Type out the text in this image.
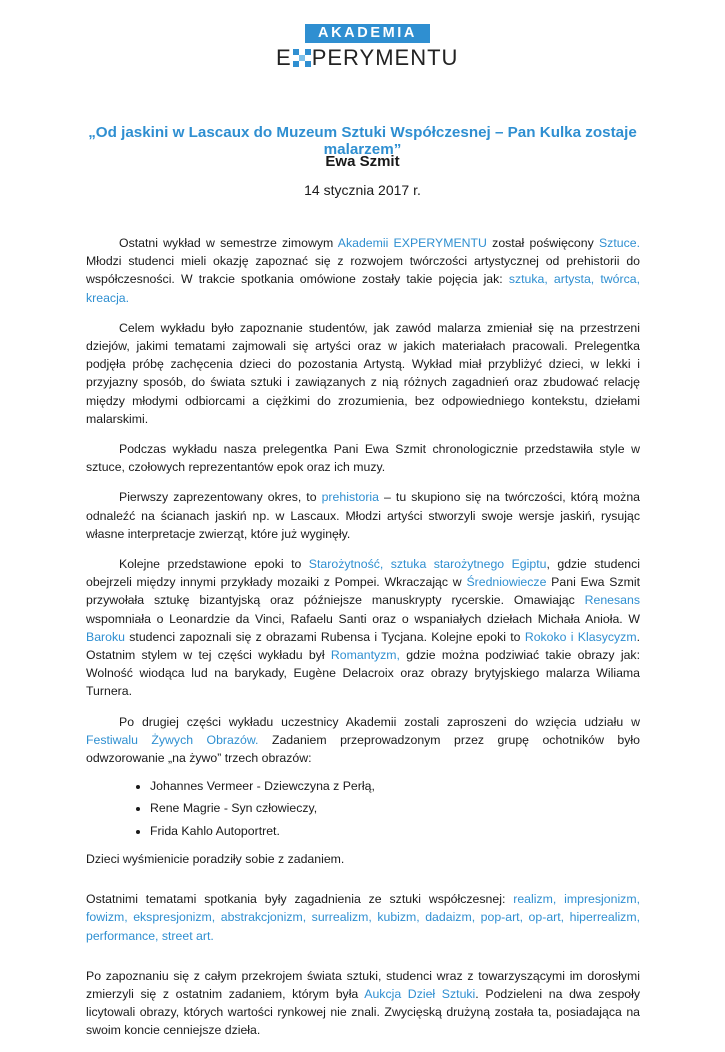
AKADEMIA
E PERYMENTU
„Od jaskini w Lascaux do Muzeum Sztuki Współczesnej – Pan Kulka zostaje malarzem”
Ewa Szmit
14 stycznia 2017 r.

Ostatni wykład w semestrze zimowym Akademii EXPERYMENTU został poświęcony Sztuce. Młodzi studenci mieli okazję zapoznać się z rozwojem twórczości artystycznej od prehistorii do współczesności. W trakcie spotkania omówione zostały takie pojęcia jak: sztuka, artysta, twórca, kreacja.

Celem wykładu było zapoznanie studentów, jak zawód malarza zmieniał się na przestrzeni dziejów, jakimi tematami zajmowali się artyści oraz w jakich materiałach pracowali. Prelegentka podjęła próbę zachęcenia dzieci do pozostania Artystą. Wykład miał przybliżyć dzieci, w lekki i przyjazny sposób, do świata sztuki i zawiązanych z nią różnych zagadnień oraz zbudować relację między młodymi odbiorcami a ciężkimi do zrozumienia, bez odpowiedniego kontekstu, dziełami malarskimi.

Podczas wykładu nasza prelegentka Pani Ewa Szmit chronologicznie przedstawiła style w sztuce, czołowych reprezentantów epok oraz ich muzy.

Pierwszy zaprezentowany okres, to prehistoria – tu skupiono się na twórczości, którą można odnaleźć na ścianach jaskiń np. w Lascaux. Młodzi artyści stworzyli swoje wersje jaskiń, rysując własne interpretacje zwierząt, które już wyginęły.

Kolejne przedstawione epoki to Starożytność, sztuka starożytnego Egiptu, gdzie studenci obejrzeli między innymi przykłady mozaiki z Pompei. Wkraczając w Średniowiecze Pani Ewa Szmit przywołała sztukę bizantyjską oraz późniejsze manuskrypty rycerskie. Omawiając Renesans wspomniała o Leonardzie da Vinci, Rafaelu Santi oraz o wspaniałych dziełach Michała Anioła. W Baroku studenci zapoznali się z obrazami Rubensa i Tycjana. Kolejne epoki to Rokoko i Klasycyzm. Ostatnim stylem w tej części wykładu był Romantyzm, gdzie można podziwiać takie obrazy jak: Wolność wiodąca lud na barykady, Eugène Delacroix oraz obrazy brytyjskiego malarza Wiliama Turnera.

Po drugiej części wykładu uczestnicy Akademii zostali zaproszeni do wzięcia udziału w Festiwalu Żywych Obrazów. Zadaniem przeprowadzonym przez grupę ochotników było odwzorowanie „na żywo” trzech obrazów:

• Johannes Vermeer - Dziewczyna z Perłą,
• Rene Magrie - Syn człowieczy,
• Frida Kahlo Autoportret.

Dzieci wyśmienicie poradziły sobie z zadaniem.

Ostatnimi tematami spotkania były zagadnienia ze sztuki współczesnej: realizm, impresjonizm, fowizm, ekspresjonizm, abstrakcjonizm, surrealizm, kubizm, dadaizm, pop-art, op-art, hiperrealizm, performance, street art.

Po zapoznaniu się z całym przekrojem świata sztuki, studenci wraz z towarzyszącymi im dorosłymi zmierzyli się z ostatnim zadaniem, którym była Aukcja Dzieł Sztuki. Podzieleni na dwa zespoły licytowali obrazy, których wartości rynkowej nie znali. Zwycięską drużyną została ta, posiadająca na swoim koncie cenniejsze dzieła.
